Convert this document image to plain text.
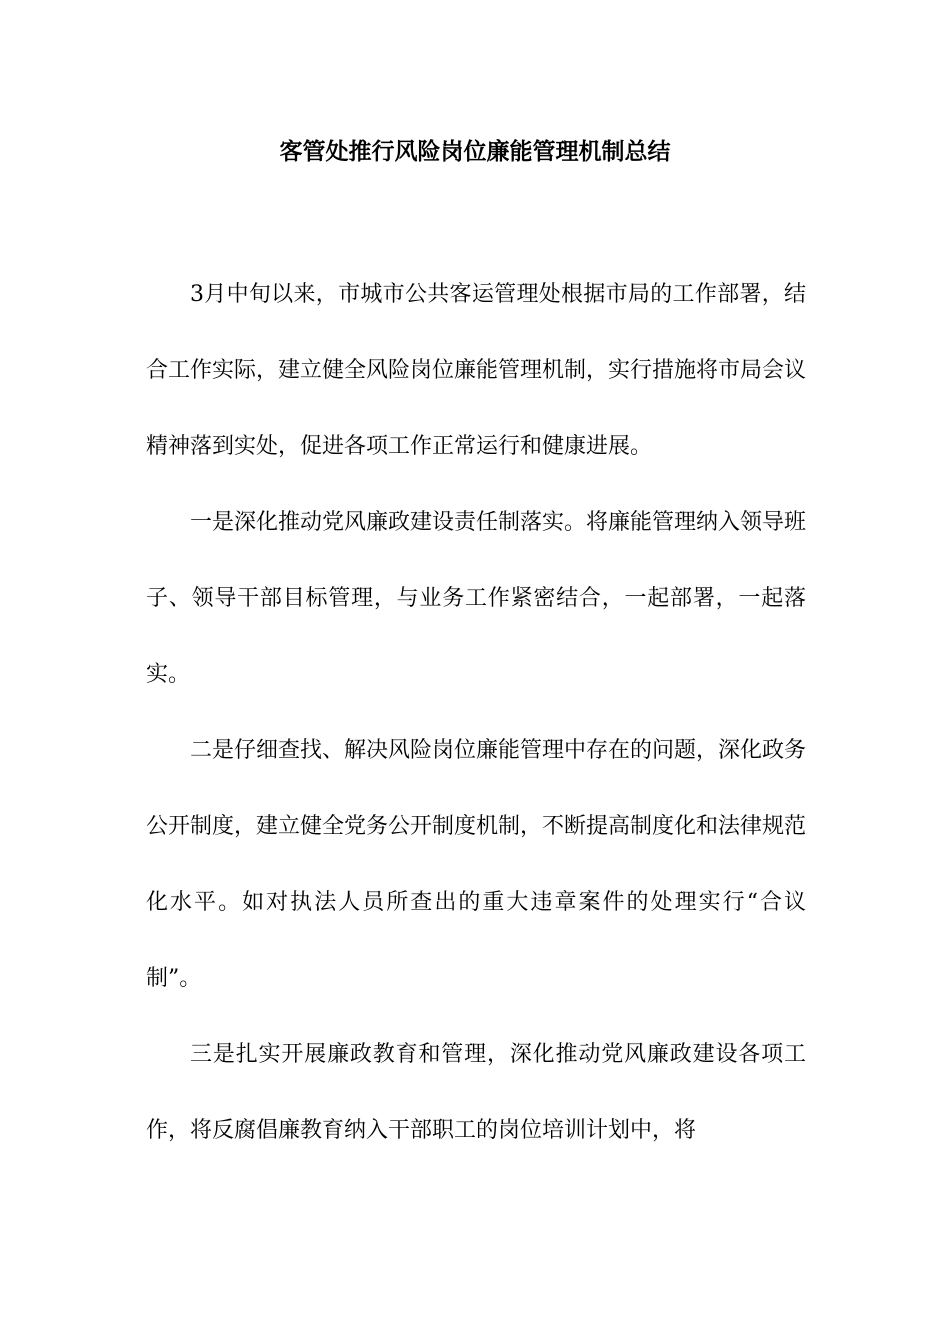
客管处推行风险岗位廉能管理机制总结

3月中旬以来，市城市公共客运管理处根据市局的工作部署，结合工作实际，建立健全风险岗位廉能管理机制，实行措施将市局会议精神落到实处，促进各项工作正常运行和健康进展。

一是深化推动党风廉政建设责任制落实。将廉能管理纳入领导班子、领导干部目标管理，与业务工作紧密结合，一起部署，一起落实。

二是仔细查找、解决风险岗位廉能管理中存在的问题，深化政务公开制度，建立健全党务公开制度机制，不断提高制度化和法律规范化水平。如对执法人员所查出的重大违章案件的处理实行“合议制”。

三是扎实开展廉政教育和管理，深化推动党风廉政建设各项工作，将反腐倡廉教育纳入干部职工的岗位培训计划中，将
